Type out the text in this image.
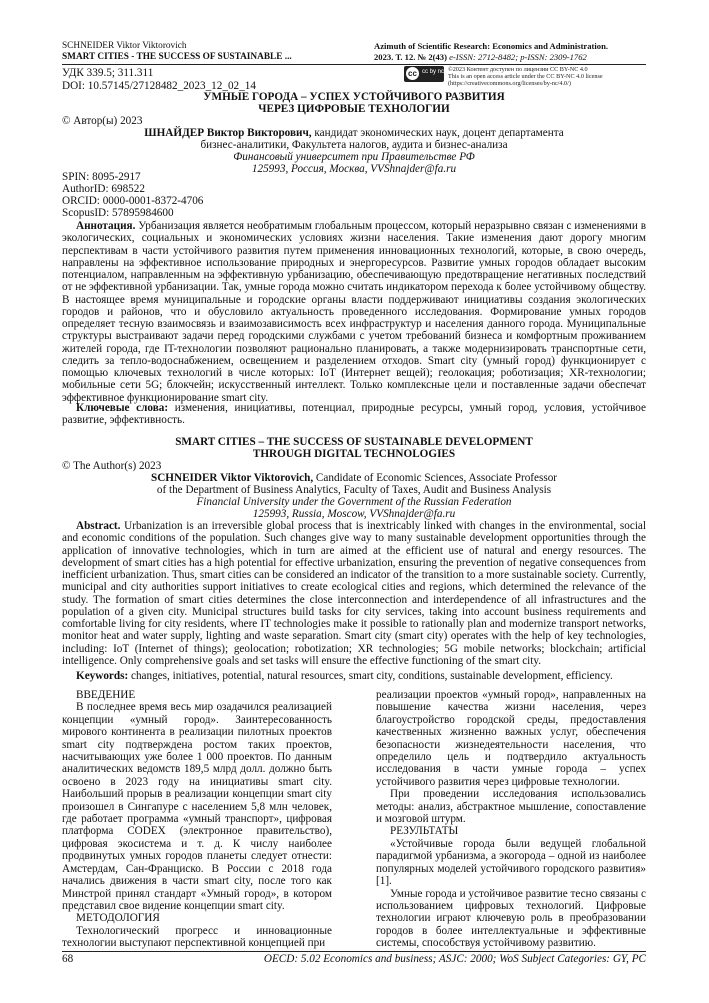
SCHNEIDER Viktor Viktorovich
SMART CITIES - THE SUCCESS OF SUSTAINABLE ...
Azimuth of Scientific Research: Economics and Administration.
2023. Т. 12. № 2(43) e-ISSN: 2712-8482; p-ISSN: 2309-1762
cc cc by nc ©2023 Контент доступен по лицензии CC BY-NC 4.0
This is an open access article under the CC BY-NC 4.0 license
(https://creativecommons.org/licenses/by-nc/4.0/)
УДК 339.5; 311.311
DOI: 10.57145/27128482_2023_12_02_14
УМНЫЕ ГОРОДА – УСПЕХ УСТОЙЧИВОГО РАЗВИТИЯ
ЧЕРЕЗ ЦИФРОВЫЕ ТЕХНОЛОГИИ
© Автор(ы) 2023
ШНАЙДЕР Виктор Викторович, кандидат экономических наук, доцент департамента
бизнес-аналитики, Факультета налогов, аудита и бизнес-анализа
Финансовый университет при Правительстве РФ
125993, Россия, Москва, VVShnajder@fa.ru
SPIN: 8095-2917
AuthorID: 698522
ORCID: 0000-0001-8372-4706
ScopusID: 57895984600
Аннотация. Урбанизация является необратимым глобальным процессом, который неразрывно связан с изменениями в экологических, социальных и экономических условиях жизни населения. Такие изменения дают дорогу многим перспективам в части устойчивого развития путем применения инновационных технологий, которые, в свою очередь, направлены на эффективное использование природных и энергоресурсов. Развитие умных городов обладает высоким потенциалом, направленным на эффективную урбанизацию, обеспечивающую предотвращение негативных последствий от не эффективной урбанизации. Так, умные города можно считать индикатором перехода к более устойчивому обществу. В настоящее время муниципальные и городские органы власти поддерживают инициативы создания экологических городов и районов, что и обусловило актуальность проведенного исследования. Формирование умных городов определяет тесную взаимосвязь и взаимозависимость всех инфраструктур и населения данного города. Муниципальные структуры выстраивают задачи перед городскими службами с учетом требований бизнеса и комфортным проживанием жителей города, где IT-технологии позволяют рационально планировать, а также модернизировать транспортные сети, следить за тепло-водоснабжением, освещением и разделением отходов. Smart city (умный город) функционирует с помощью ключевых технологий в числе которых: IoT (Интернет вещей); геолокация; роботизация; XR-технологии; мобильные сети 5G; блокчейн; искусственный интеллект. Только комплексные цели и поставленные задачи обеспечат эффективное функционирование smart city.
Ключевые слова: изменения, инициативы, потенциал, природные ресурсы, умный город, условия, устойчивое развитие, эффективность.
SMART CITIES – THE SUCCESS OF SUSTAINABLE DEVELOPMENT
THROUGH DIGITAL TECHNOLOGIES
© The Author(s) 2023
SCHNEIDER Viktor Viktorovich, Candidate of Economic Sciences, Associate Professor
of the Department of Business Analytics, Faculty of Taxes, Audit and Business Analysis
Financial University under the Government of the Russian Federation
125993, Russia, Moscow, VVShnajder@fa.ru
Abstract. Urbanization is an irreversible global process that is inextricably linked with changes in the environmental, social and economic conditions of the population. Such changes give way to many sustainable development opportunities through the application of innovative technologies, which in turn are aimed at the efficient use of natural and energy resources. The development of smart cities has a high potential for effective urbanization, ensuring the prevention of negative consequences from inefficient urbanization. Thus, smart cities can be considered an indicator of the transition to a more sustainable society. Currently, municipal and city authorities support initiatives to create ecological cities and regions, which determined the relevance of the study. The formation of smart cities determines the close interconnection and interdependence of all infrastructures and the population of a given city. Municipal structures build tasks for city services, taking into account business requirements and comfortable living for city residents, where IT technologies make it possible to rationally plan and modernize transport networks, monitor heat and water supply, lighting and waste separation. Smart city (smart city) operates with the help of key technologies, including: IoT (Internet of things); geolocation; robotization; XR technologies; 5G mobile networks; blockchain; artificial intelligence. Only comprehensive goals and set tasks will ensure the effective functioning of the smart city.
Keywords: changes, initiatives, potential, natural resources, smart city, conditions, sustainable development, efficiency.
ВВЕДЕНИЕ

В последнее время весь мир озадачился реализацией концепции «умный город». Заинтересованность мирового континента в реализации пилотных проектов smart city подтверждена ростом таких проектов, насчитывающих уже более 1 000 проектов. По данным аналитических ведомств 189,5 млрд долл. должно быть освоено в 2023 году на инициативы smart city. Наибольший прорыв в реализации концепции smart city произошел в Сингапуре с населением 5,8 млн человек, где работает программа «умный транспорт», цифровая платформа CODEX (электронное правительство), цифровая экосистема и т. д. К числу наиболее продвинутых умных городов планеты следует отнести: Амстердам, Сан-Франциско. В России с 2018 года начались движения в части smart city, после того как Минстрой принял стандарт «Умный город», в котором представил свое видение концепции smart city.

МЕТОДОЛОГИЯ

Технологический прогресс и инновационные технологии выступают перспективной концепцией при

реализации проектов «умный город», направленных на повышение качества жизни населения, через благоустройство городской среды, предоставления качественных жизненно важных услуг, обеспечения безопасности жизнедеятельности населения, что определило цель и подтвердило актуальность исследования в части умные города – успех устойчивого развития через цифровые технологии.

При проведении исследования использовались методы: анализ, абстрактное мышление, сопоставление и мозговой штурм.

РЕЗУЛЬТАТЫ

«Устойчивые города были ведущей глобальной парадигмой урбанизма, а экогорода – одной из наиболее популярных моделей устойчивого городского развития» [1].

Умные города и устойчивое развитие тесно связаны с использованием цифровых технологий. Цифровые технологии играют ключевую роль в преобразовании городов в более интеллектуальные и эффективные системы, способствуя устойчивому развитию.

68	OECD: 5.02 Economics and business; ASJC: 2000; WoS Subject Categories: GY, PC
